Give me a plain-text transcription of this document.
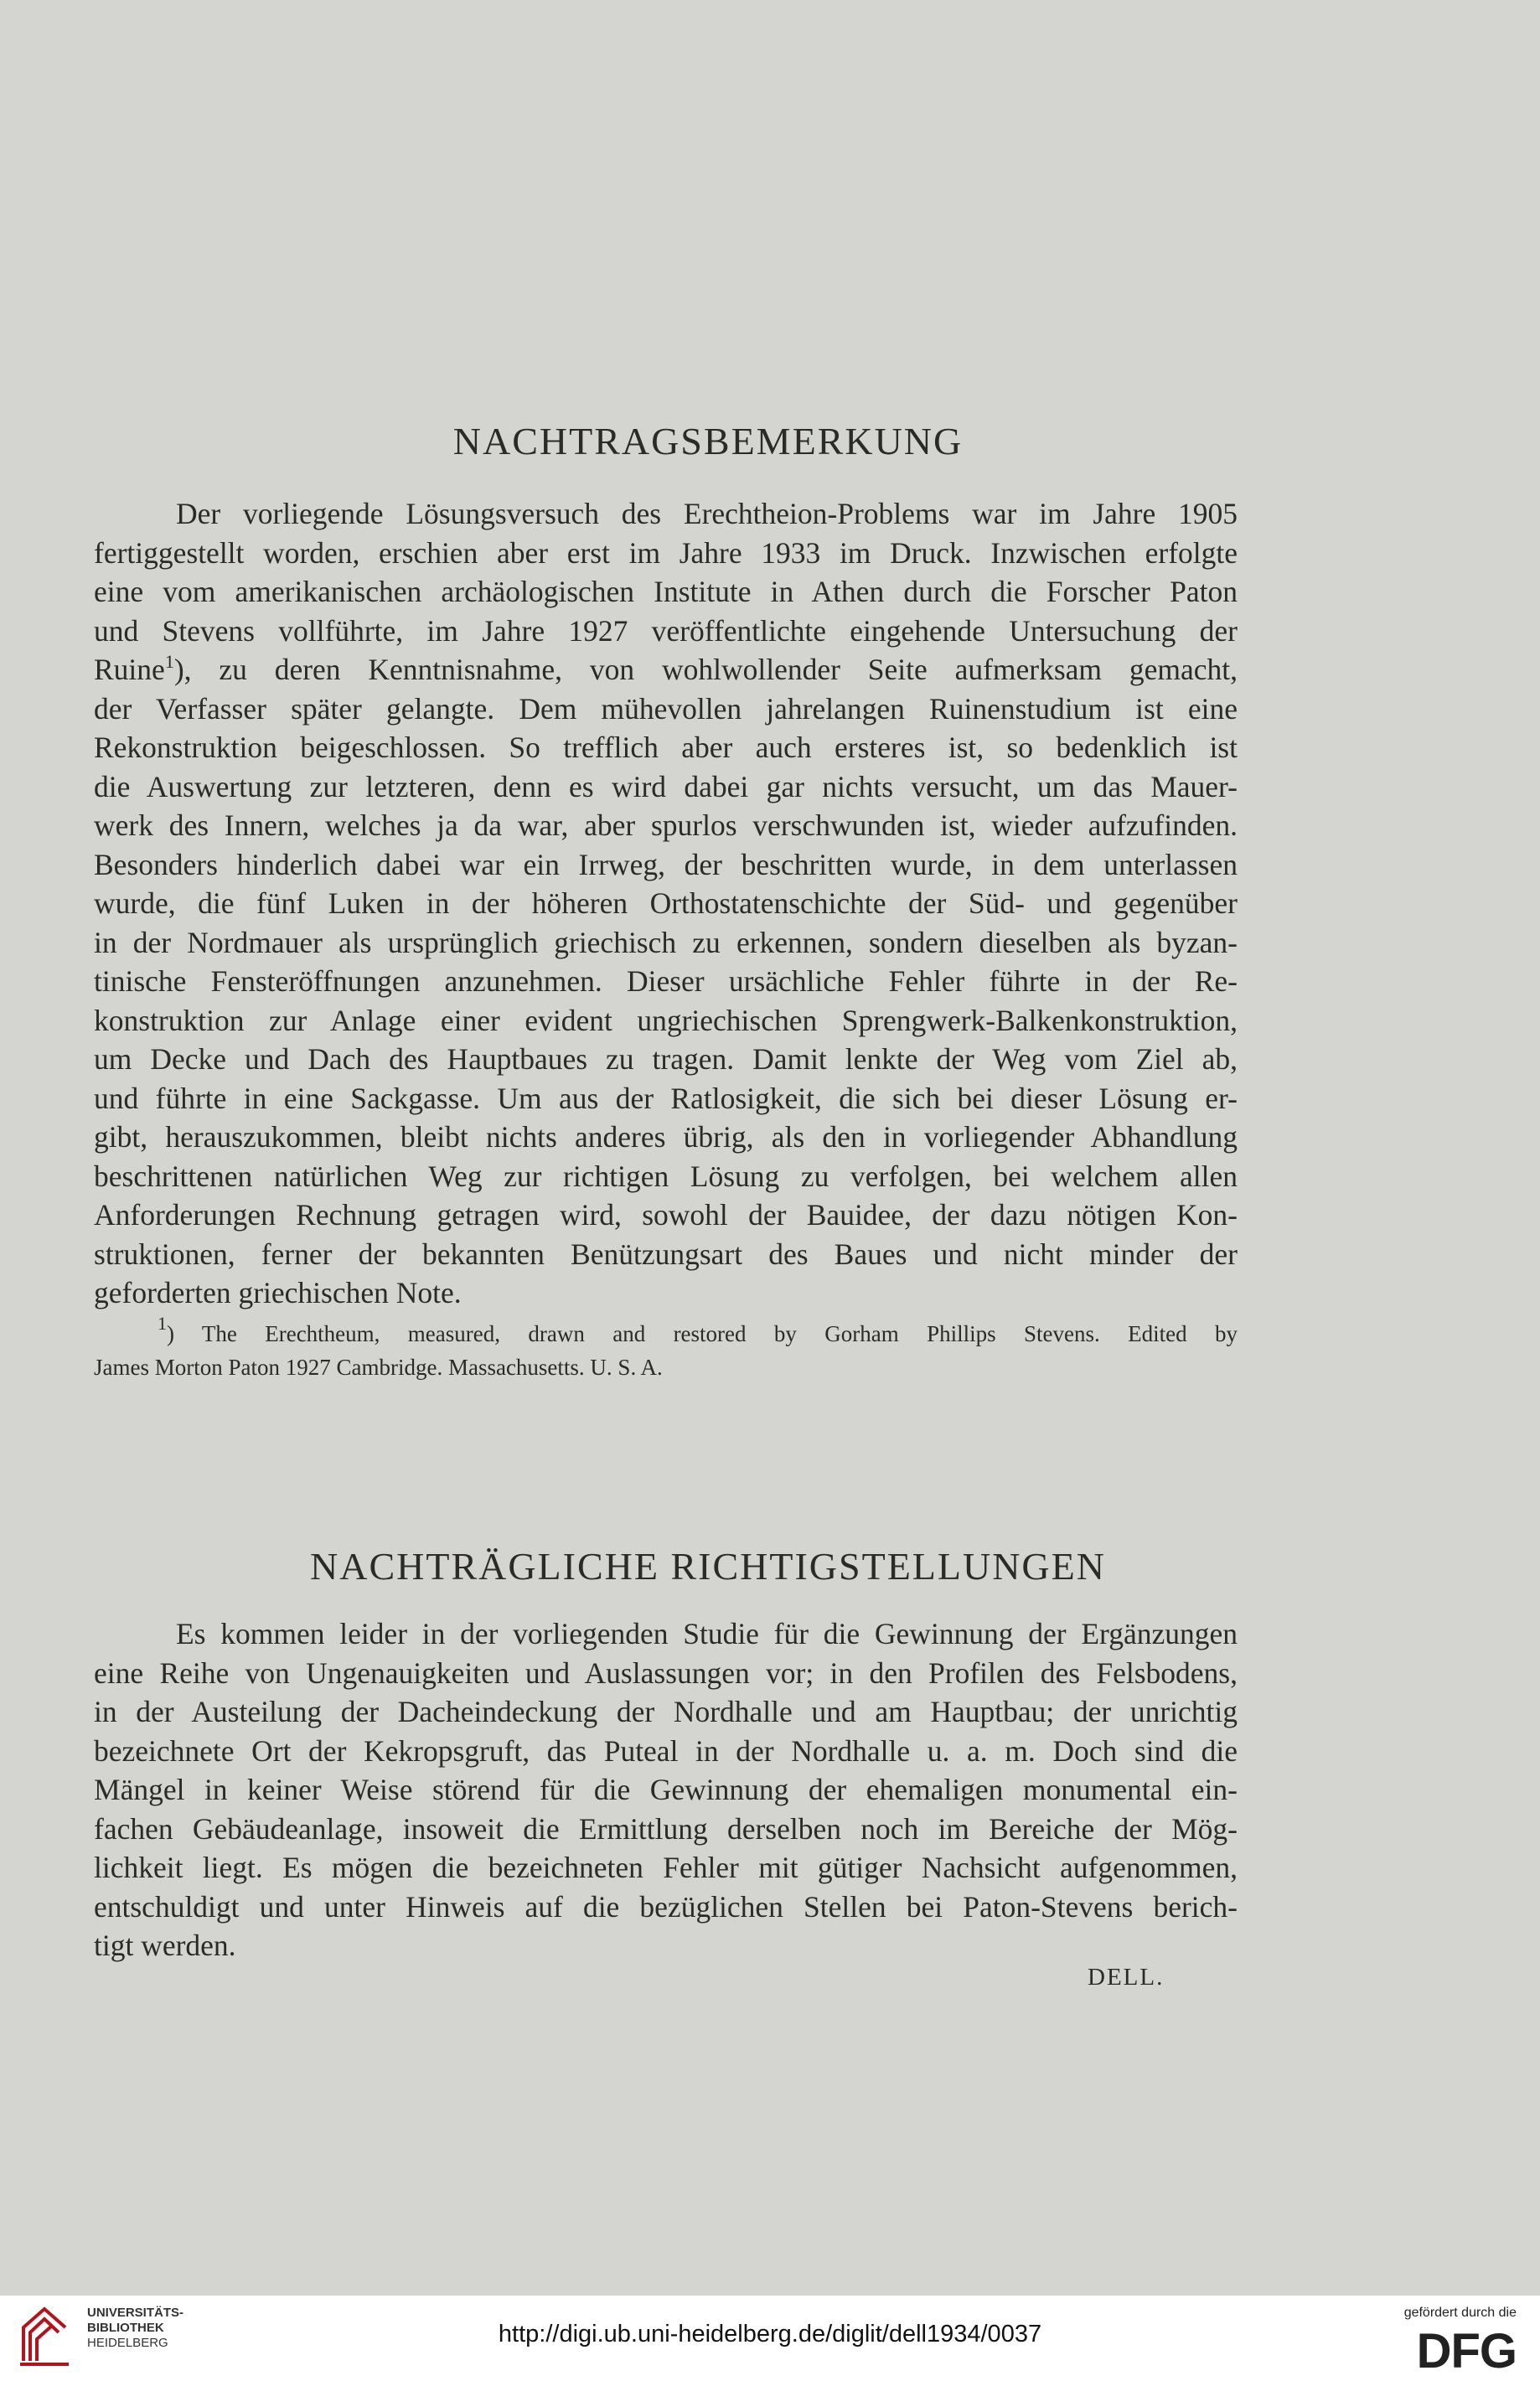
NACHTRAGSBEMERKUNG
Der vorliegende Lösungsversuch des Erechtheion-Problems war im Jahre 1905
fertiggestellt worden, erschien aber erst im Jahre 1933 im Druck. Inzwischen erfolgte
eine vom amerikanischen archäologischen Institute in Athen durch die Forscher Paton
und Stevens vollführte, im Jahre 1927 veröffentlichte eingehende Untersuchung der
Ruine$^1$), zu deren Kenntnisnahme, von wohlwollender Seite aufmerksam gemacht,
der Verfasser später gelangte. Dem mühevollen jahrelangen Ruinenstudium ist eine
Rekonstruktion beigeschlossen. So trefflich aber auch ersteres ist, so bedenklich ist
die Auswertung zur letzteren, denn es wird dabei gar nichts versucht, um das Mauer-
werk des Innern, welches ja da war, aber spurlos verschwunden ist, wieder aufzufinden.
Besonders hinderlich dabei war ein Irrweg, der beschritten wurde, in dem unterlassen
wurde, die fünf Luken in der höheren Orthostatenschichte der Süd- und gegenüber
in der Nordmauer als ursprünglich griechisch zu erkennen, sondern dieselben als byzan-
tinische Fensteröffnungen anzunehmen. Dieser ursächliche Fehler führte in der Re-
konstruktion zur Anlage einer evident ungriechischen Sprengwerk-Balkenkonstruktion,
um Decke und Dach des Hauptbaues zu tragen. Damit lenkte der Weg vom Ziel ab,
und führte in eine Sackgasse. Um aus der Ratlosigkeit, die sich bei dieser Lösung er-
gibt, herauszukommen, bleibt nichts anderes übrig, als den in vorliegender Abhandlung
beschrittenen natürlichen Weg zur richtigen Lösung zu verfolgen, bei welchem allen
Anforderungen Rechnung getragen wird, sowohl der Bauidee, der dazu nötigen Kon-
struktionen, ferner der bekannten Benützungsart des Baues und nicht minder der
geforderten griechischen Note.
$^1$) The Erechtheum, measured, drawn and restored by Gorham Phillips Stevens. Edited by
James Morton Paton 1927 Cambridge. Massachusetts. U. S. A.
NACHTRÄGLICHE RICHTIGSTELLUNGEN
Es kommen leider in der vorliegenden Studie für die Gewinnung der Ergänzungen
eine Reihe von Ungenauigkeiten und Auslassungen vor; in den Profilen des Felsbodens,
in der Austeilung der Dacheindeckung der Nordhalle und am Hauptbau; der unrichtig
bezeichnete Ort der Kekropsgruft, das Puteal in der Nordhalle u. a. m. Doch sind die
Mängel in keiner Weise störend für die Gewinnung der ehemaligen monumental ein-
fachen Gebäudeanlage, insoweit die Ermittlung derselben noch im Bereiche der Mög-
lichkeit liegt. Es mögen die bezeichneten Fehler mit gütiger Nachsicht aufgenommen,
entschuldigt und unter Hinweis auf die bezüglichen Stellen bei Paton-Stevens berich-
tigt werden.
DELL.
UNIVERSITÄTS-
BIBLIOTHEK
HEIDELBERG	http://digi.ub.uni-heidelberg.de/diglit/dell1934/0037
gefördert durch die
DFG
